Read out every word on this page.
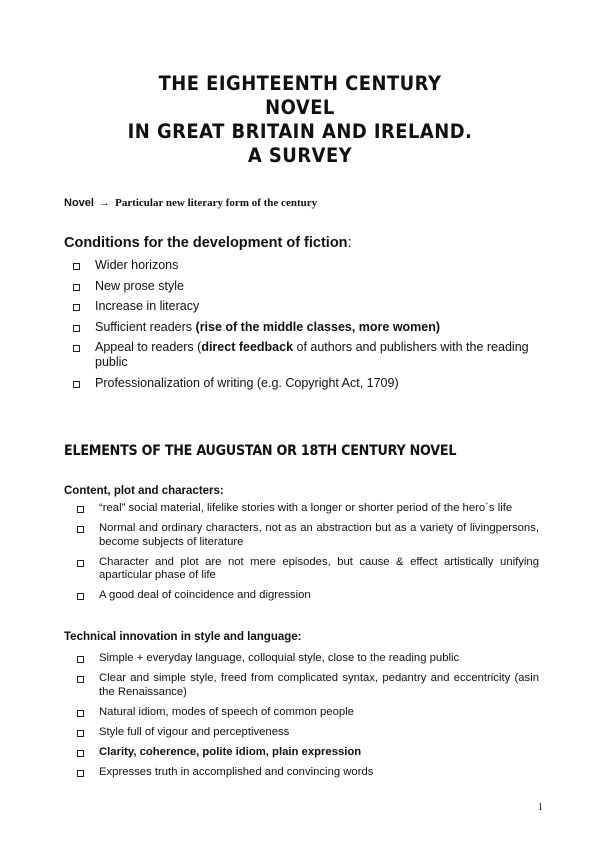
THE EIGHTEENTH CENTURY
NOVEL
IN GREAT BRITAIN AND IRELAND.
A SURVEY
Novel → Particular new literary form of the century
Conditions for the development of fiction:
Wider horizons
New prose style
Increase in literacy
Sufficient readers (rise of the middle classes, more women)
Appeal to readers (direct feedback of authors and publishers with the reading public
Professionalization of writing (e.g. Copyright Act, 1709)
ELEMENTS OF THE AUGUSTAN OR 18TH CENTURY NOVEL
Content, plot and characters:
“real” social material, lifelike stories with a longer or shorter period of the hero´s life
Normal and ordinary characters, not as an abstraction but as a variety of livingpersons, become subjects of literature
Character and plot are not mere episodes, but cause & effect artistically unifying aparticular phase of life
A good deal of coincidence and digression
Technical innovation in style and language:
Simple + everyday language, colloquial style, close to the reading public
Clear and simple style, freed from complicated syntax, pedantry and eccentricity (asin the Renaissance)
Natural idiom, modes of speech of common people
Style full of vigour and perceptiveness
Clarity, coherence, polite idiom, plain expression
Expresses truth in accomplished and convincing words
1
